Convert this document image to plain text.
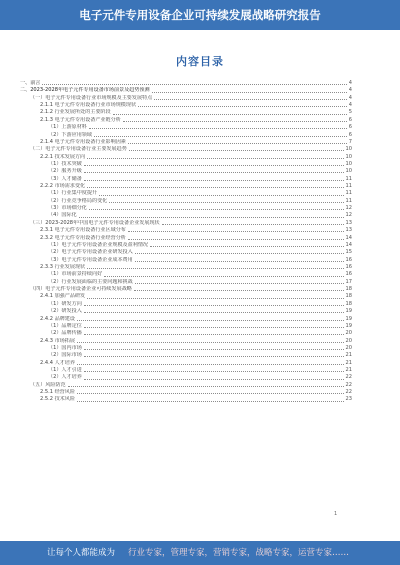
电子元件专用设备企业可持续发展战略研究报告
内容目录
一、前言	4
二、2023-2028年电子元件专用设备市场前景及趋势预测	4
（一）电子元件专用设备行业市场规模及主要发展特点	4
2.1.1 电子元件专用设备行业市场规模现状	4
2.1.2 行业发展所处的主要阶段	5
2.1.3 电子元件专用设备产业链分析	6
（1）上游原材料	6
（2）下游应用领域	6
2.1.4 电子元件专用设备行业影响因素	7
（二）电子元件专用设备行业主要发展趋势	10
2.2.1 技术发展方向	10
（1）技术突破	10
（2）服务升级	10
（3）人才储备	11
2.2.2 市场需求变化	11
（1）行业集中度提升	11
（2）行业竞争格局的变化	11
（3）市场细分化	12
（4）国际化	12
（三）2023-2028年中国电子元件专用设备企业发展现状	13
2.3.1 电子元件专用设备行业区域分布	13
2.3.2 电子元件专用设备行业经营分析	14
（1）电子元件专用设备企业规模及盈利情况	14
（2）电子元件专用设备企业研发投入	15
（3）电子元件专用设备企业成本费用	16
2.3.3 行业发展现状	16
（1）市场前景持续向好	16
（2）行业发展面临的主要问题和挑战	17
（四）电子元件专用设备企业可持续发展战略	18
2.4.1 加强产品研发	18
（1）研发方向	18
（2）研发投入	19
2.4.2 品牌建设	19
（1）品牌定位	19
（2）品牌传播	20
2.4.3 市场拓展	20
（1）国内市场	20
（2）国际市场	21
2.4.4 人才培养	21
（1）人才引进	21
（2）人才培养	22
（五）风险防范	22
2.5.1 经营风险	22
2.5.2 技术风险	23
1
让每个人都能成为 行业专家，管理专家，营销专家，战略专家，运营专家……
